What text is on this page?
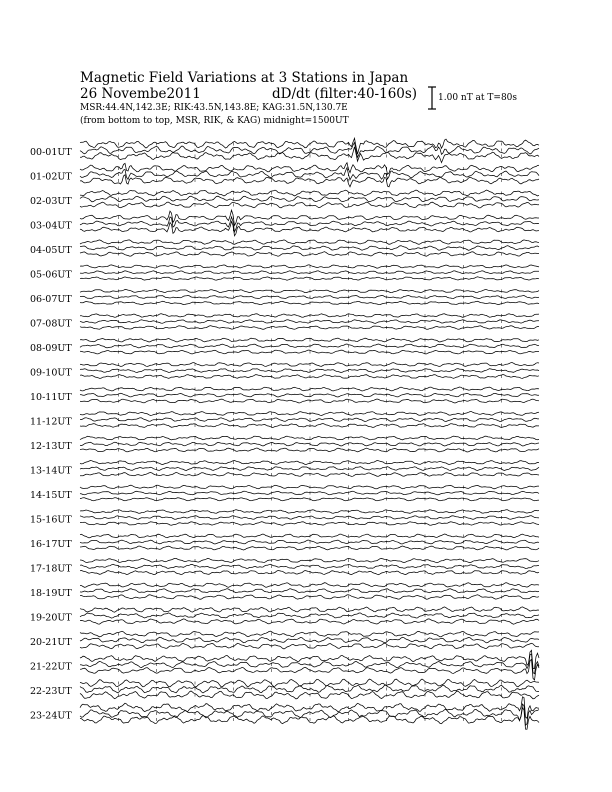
Magnetic Field Variations at 3 Stations in Japan
26 Novembe2011	dD/dt (filter:40-160s)
MSR:44.4N,142.3E; RIK:43.5N,143.8E; KAG:31.5N,130.7E
(from bottom to top, MSR, RIK, & KAG) midnight=1500UT
1.00 nT at T=80s
00-01UT
01-02UT
02-03UT
03-04UT
04-05UT
05-06UT
06-07UT
07-08UT
08-09UT
09-10UT
10-11UT
11-12UT
12-13UT
13-14UT
14-15UT
15-16UT
16-17UT
17-18UT
18-19UT
19-20UT
20-21UT
21-22UT
22-23UT
23-24UT
